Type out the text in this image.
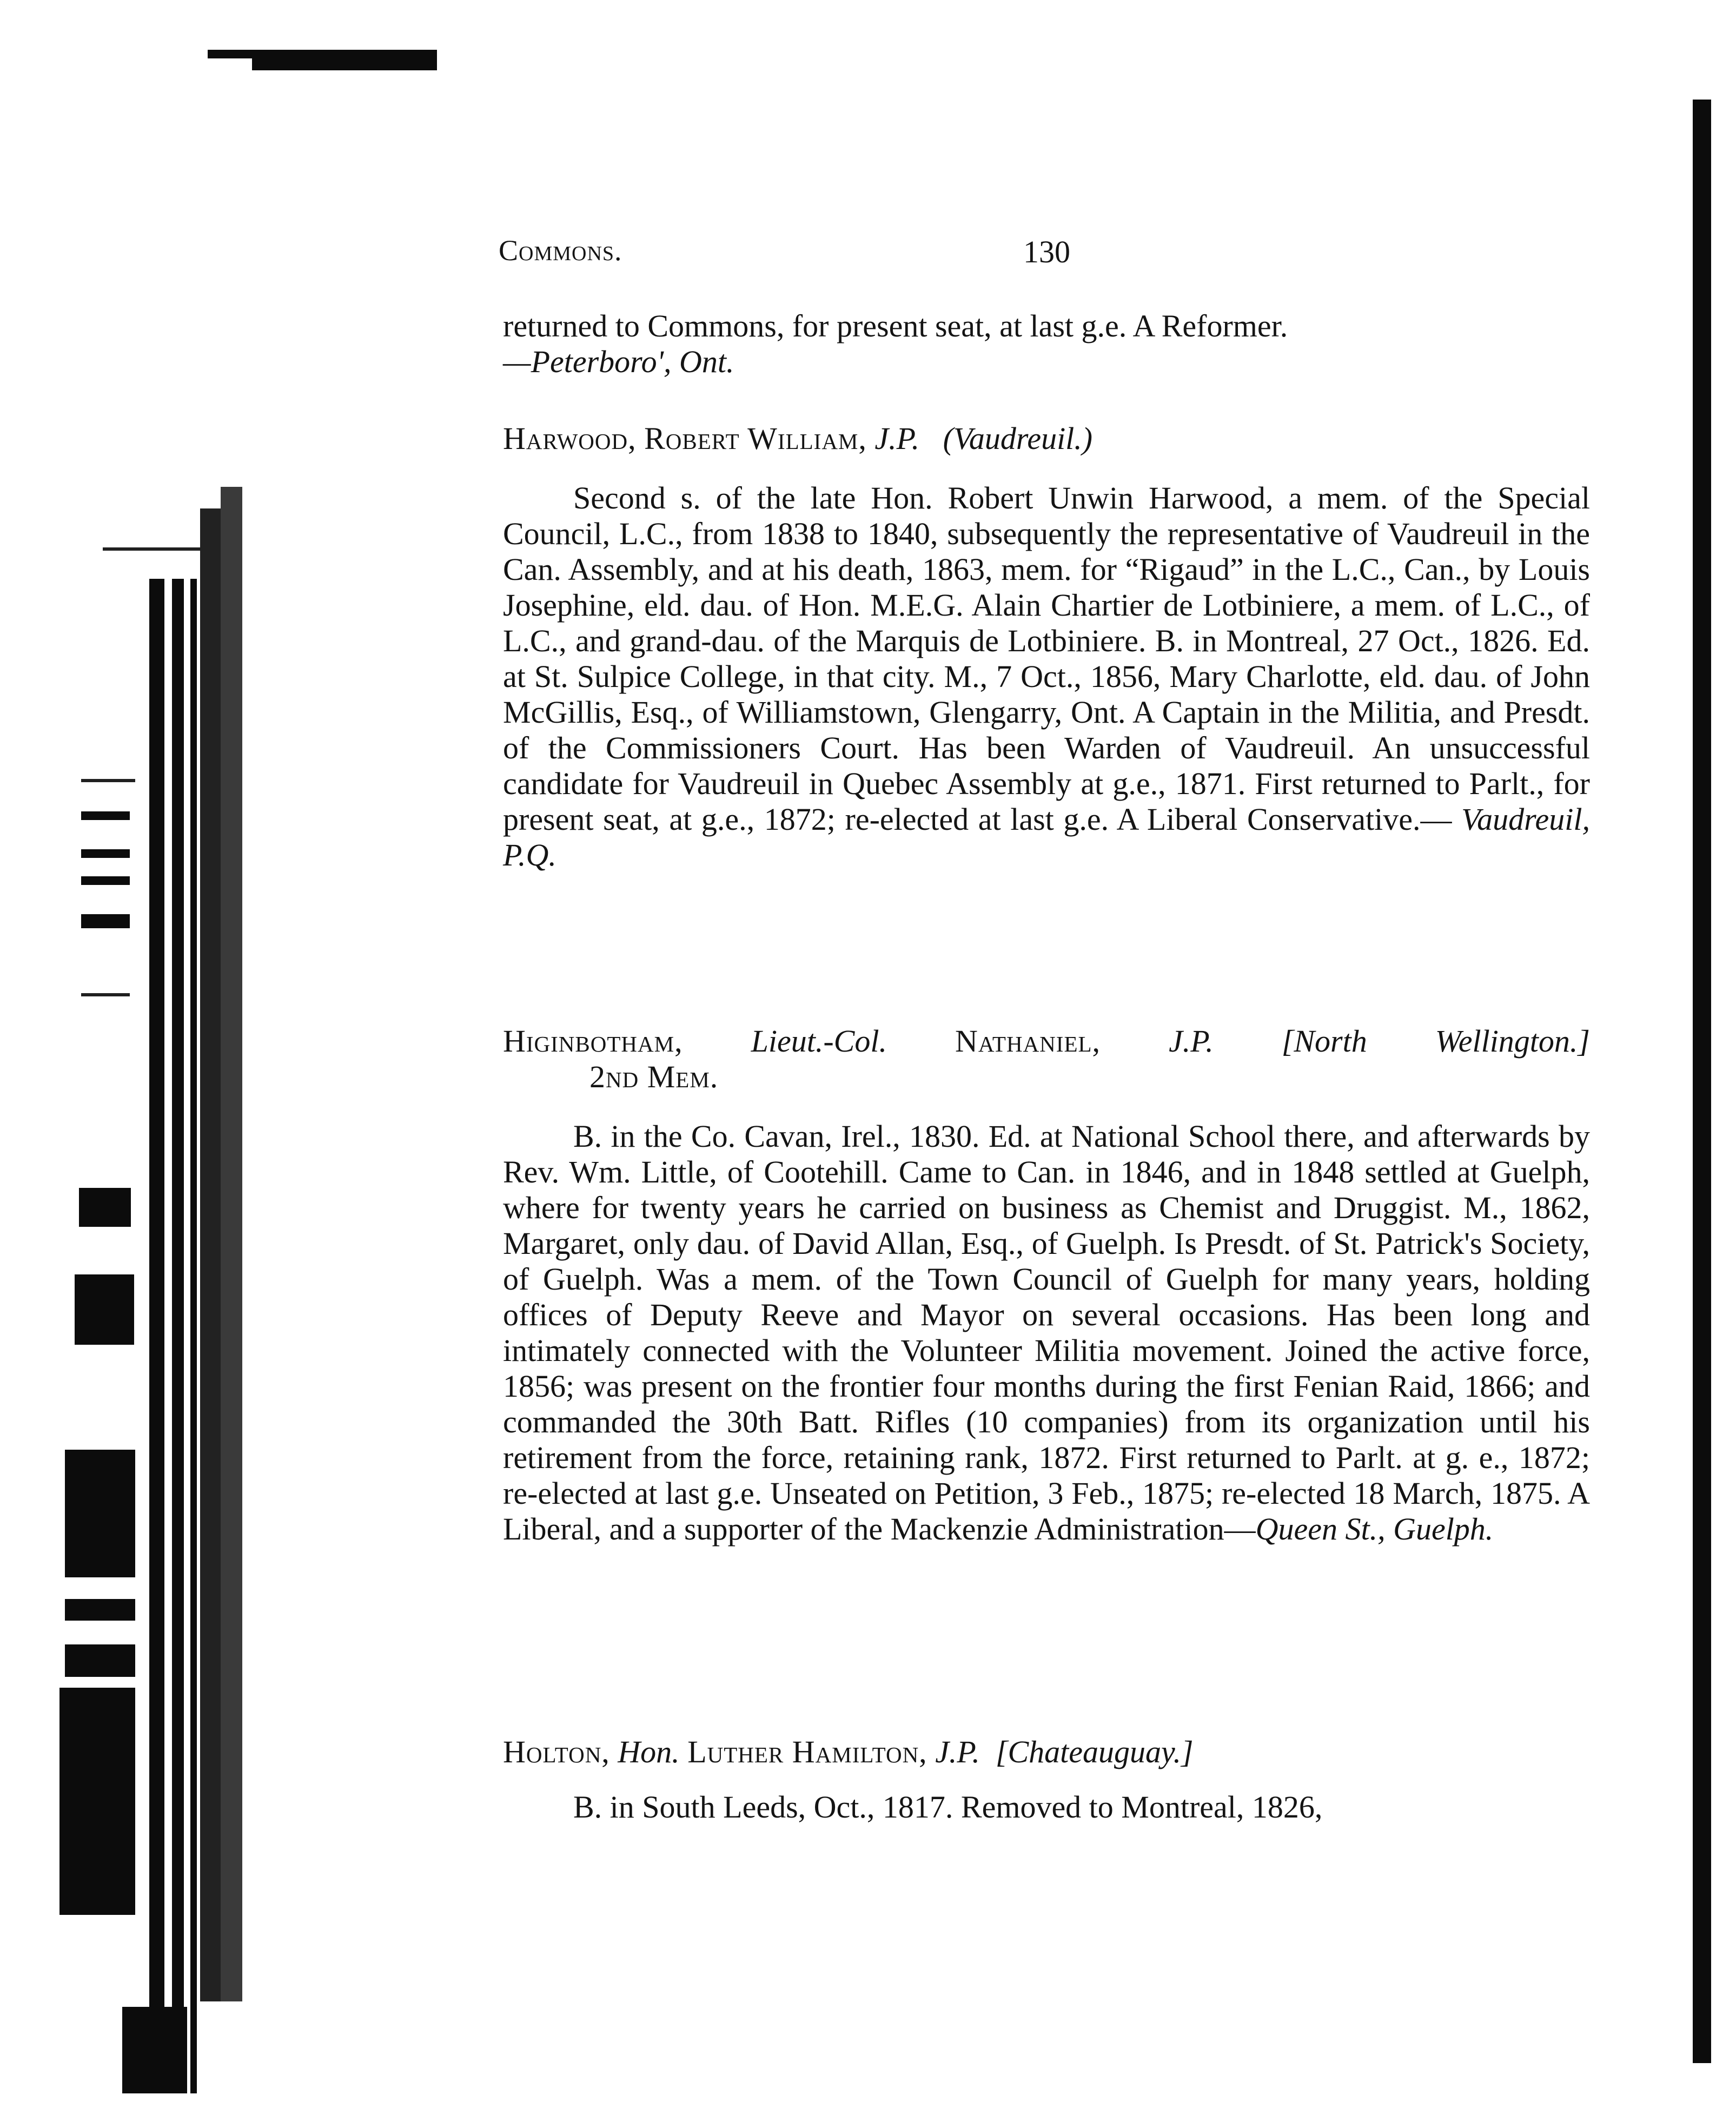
Commons.	130

returned to Commons, for present seat, at last g.e. A Reformer.
—Peterboro', Ont.

Harwood, Robert William, J.P. (Vaudreuil.)

Second s. of the late Hon. Robert Unwin Harwood, a mem. of the Special Council, L.C., from 1838 to 1840, subsequently the representative of Vaudreuil in the Can. Assembly, and at his death, 1863, mem. for “Rigaud” in the L.C., Can., by Louis Josephine, eld. dau. of Hon. M.E.G. Alain Chartier de Lotbiniere, a mem. of L.C., of L.C., and grand-dau. of the Marquis de Lotbiniere. B. in Montreal, 27 Oct., 1826. Ed. at St. Sulpice College, in that city. M., 7 Oct., 1856, Mary Charlotte, eld. dau. of John McGillis, Esq., of Williamstown, Glengarry, Ont. A Captain in the Militia, and Presdt. of the Commissioners Court. Has been Warden of Vaudreuil. An unsuccessful candidate for Vaudreuil in Quebec Assembly at g.e., 1871. First returned to Parlt., for present seat, at g.e., 1872; re-elected at last g.e. A Liberal Conservative.— Vaudreuil, P.Q.

Higinbotham, Lieut.-Col. Nathaniel, J.P. [North Wellington.]

2nd Mem.

B. in the Co. Cavan, Irel., 1830. Ed. at National School there, and afterwards by Rev. Wm. Little, of Cootehill. Came to Can. in 1846, and in 1848 settled at Guelph, where for twenty years he carried on business as Chemist and Druggist. M., 1862, Margaret, only dau. of David Allan, Esq., of Guelph. Is Presdt. of St. Patrick's Society, of Guelph. Was a mem. of the Town Council of Guelph for many years, holding offices of Deputy Reeve and Mayor on several occasions. Has been long and intimately connected with the Volunteer Militia movement. Joined the active force, 1856; was present on the frontier four months during the first Fenian Raid, 1866; and commanded the 30th Batt. Rifles (10 companies) from its organization until his retirement from the force, retaining rank, 1872. First returned to Parlt. at g. e., 1872; re-elected at last g.e. Unseated on Petition, 3 Feb., 1875; re-elected 18 March, 1875. A Liberal, and a supporter of the Mackenzie Administration—Queen St., Guelph.

Holton, Hon. Luther Hamilton, J.P. [Chateauguay.]

B. in South Leeds, Oct., 1817. Removed to Montreal, 1826,
